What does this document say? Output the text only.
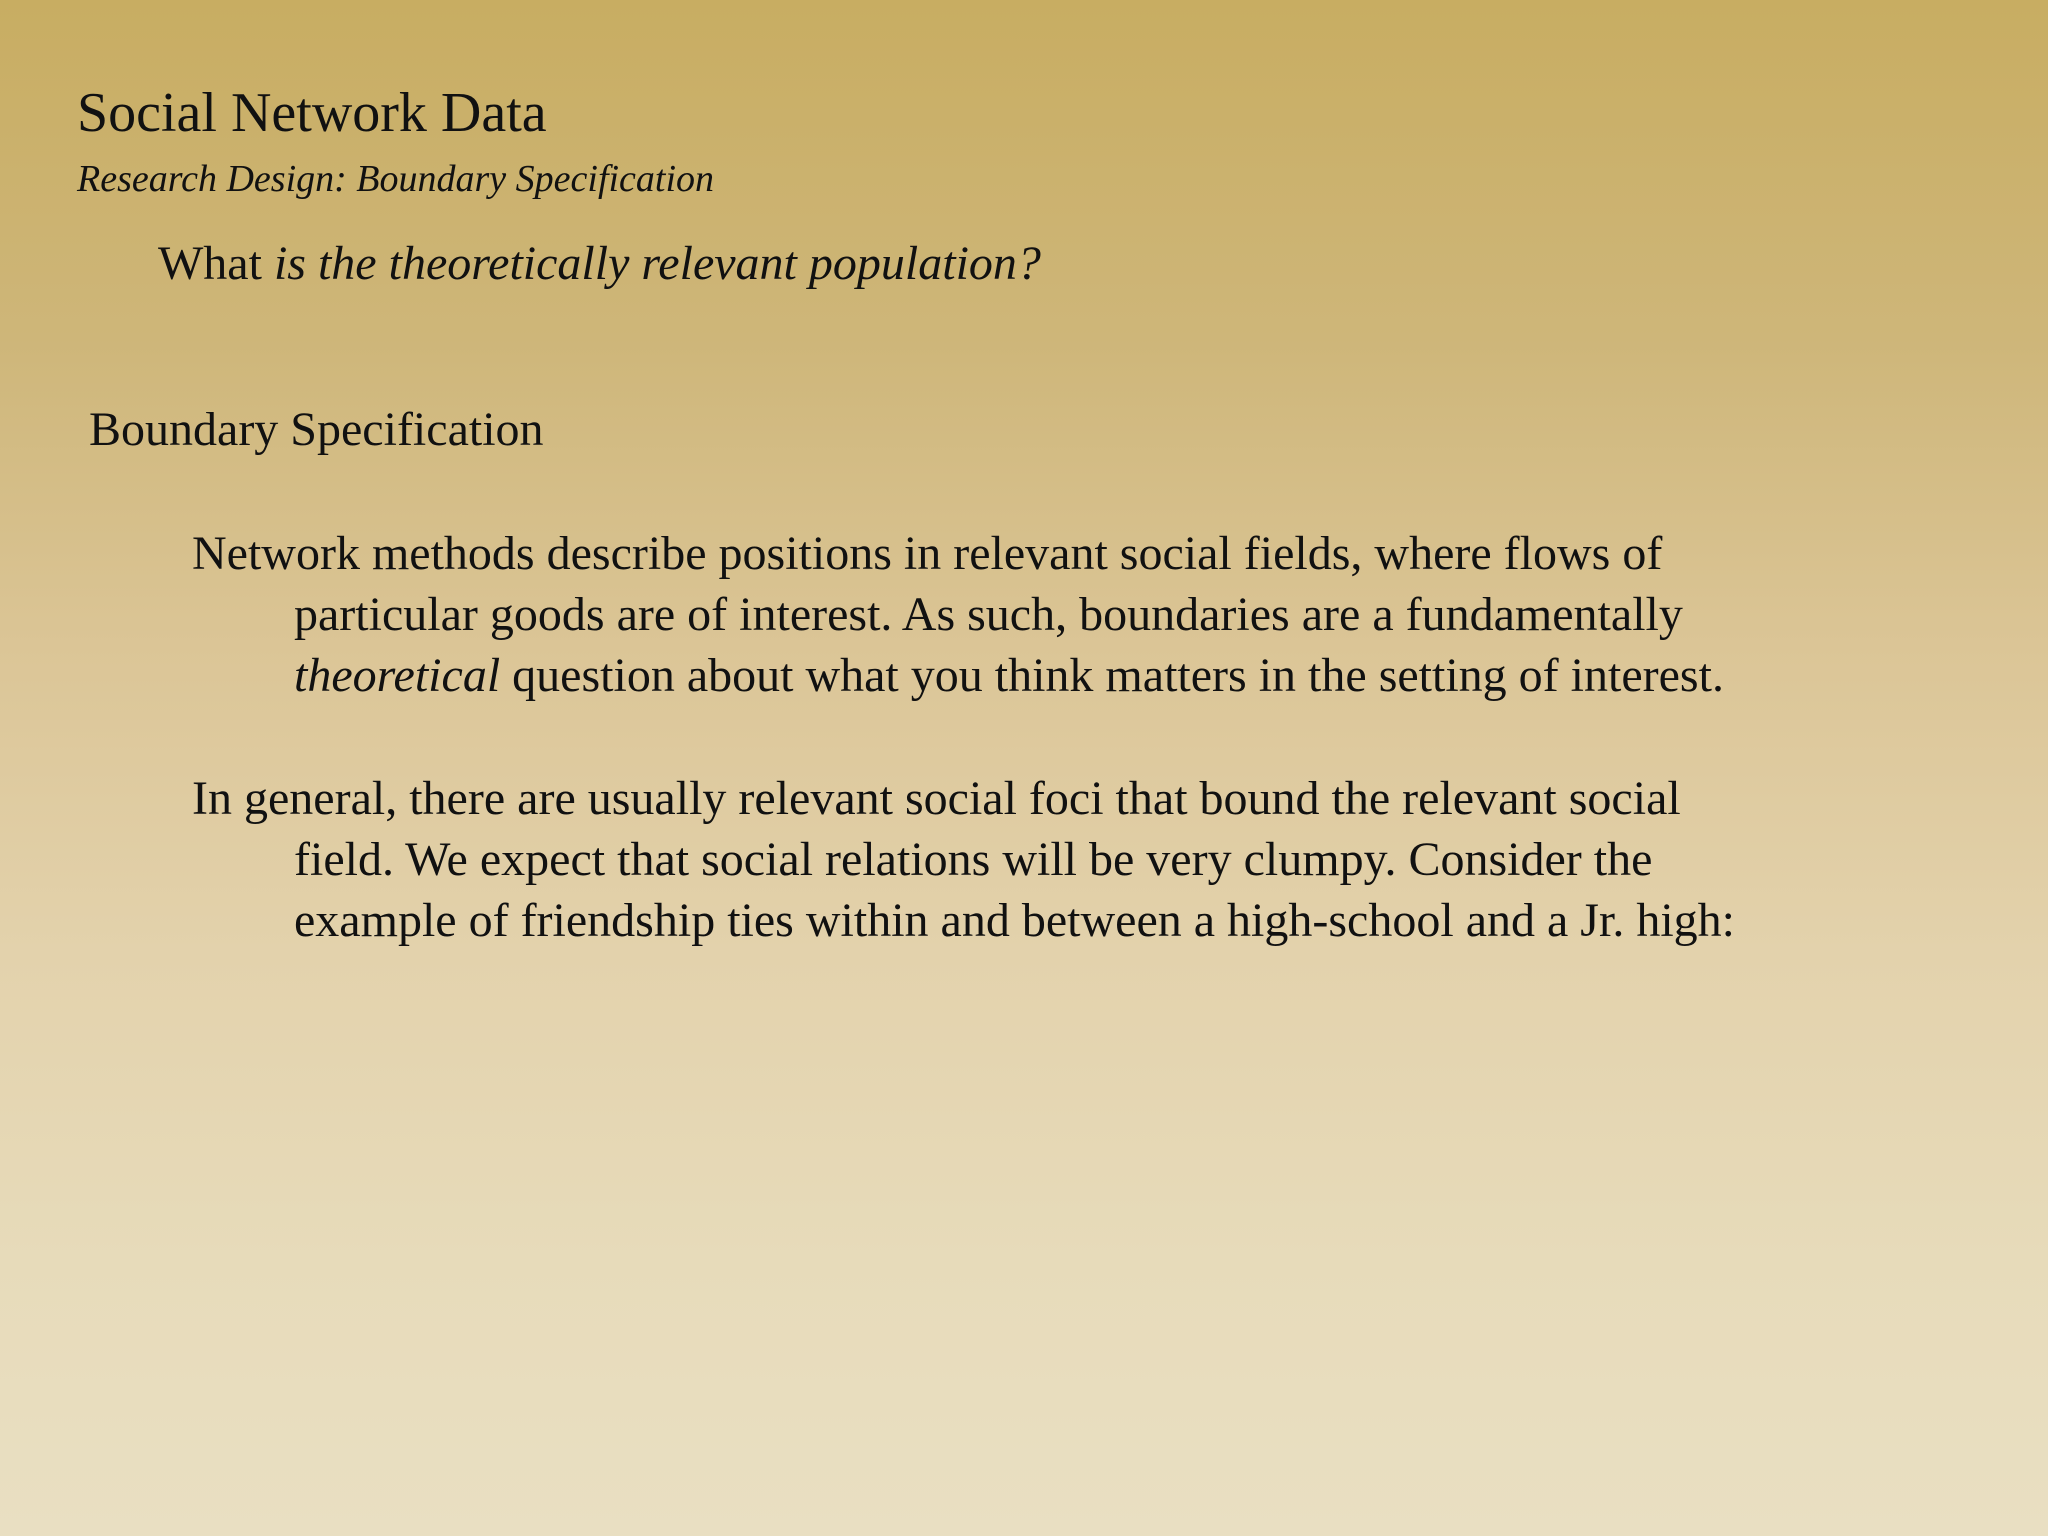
Social Network Data
Research Design: Boundary Specification
What is the theoretically relevant population?
Boundary Specification
Network methods describe positions in relevant social fields, where flows of
particular goods are of interest. As such, boundaries are a fundamentally
theoretical question about what you think matters in the setting of interest.
In general, there are usually relevant social foci that bound the relevant social
field. We expect that social relations will be very clumpy. Consider the
example of friendship ties within and between a high-school and a Jr. high:
